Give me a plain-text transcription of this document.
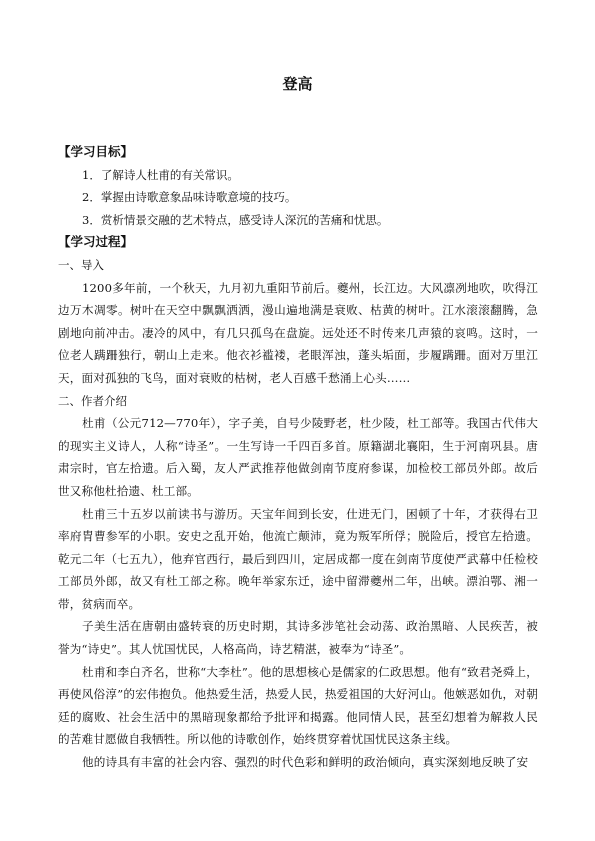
登高
【学习目标】
1．了解诗人杜甫的有关常识。
2．掌握由诗歌意象品味诗歌意境的技巧。
3．赏析情景交融的艺术特点，感受诗人深沉的苦痛和忧思。
【学习过程】
一、导入

1200多年前，一个秋天，九月初九重阳节前后。夔州，长江边。大风凛冽地吹，吹得江边万木凋零。树叶在天空中飘飘洒洒，漫山遍地满是衰败、枯黄的树叶。江水滚滚翻腾，急剧地向前冲击。凄冷的风中，有几只孤鸟在盘旋。远处还不时传来几声猿的哀鸣。这时，一位老人蹒跚独行，朝山上走来。他衣衫褴褛，老眼浑浊，蓬头垢面，步履蹒跚。面对万里江天，面对孤独的飞鸟，面对衰败的枯树，老人百感千愁涌上心头……

二、作者介绍

杜甫（公元712—770年），字子美，自号少陵野老，杜少陵，杜工部等。我国古代伟大的现实主义诗人，人称“诗圣”。一生写诗一千四百多首。原籍湖北襄阳，生于河南巩县。唐肃宗时，官左拾遗。后入蜀，友人严武推荐他做剑南节度府参谋，加检校工部员外郎。故后世又称他杜拾遗、杜工部。

杜甫三十五岁以前读书与游历。天宝年间到长安，仕进无门，困顿了十年，才获得右卫率府胄曹参军的小职。安史之乱开始，他流亡颠沛，竟为叛军所俘；脱险后，授官左拾遗。乾元二年（七五九），他弃官西行，最后到四川，定居成都一度在剑南节度使严武幕中任检校工部员外郎，故又有杜工部之称。晚年举家东迁，途中留滞夔州二年，出峡。漂泊鄂、湘一带，贫病而卒。

子美生活在唐朝由盛转衰的历史时期，其诗多涉笔社会动荡、政治黑暗、人民疾苦，被誉为“诗史”。其人忧国忧民，人格高尚，诗艺精湛，被奉为“诗圣”。

杜甫和李白齐名，世称“大李杜”。他的思想核心是儒家的仁政思想。他有“致君尧舜上，再使风俗淳”的宏伟抱负。他热爱生活，热爱人民，热爱祖国的大好河山。他嫉恶如仇，对朝廷的腐败、社会生活中的黑暗现象都给予批评和揭露。他同情人民，甚至幻想着为解救人民的苦难甘愿做自我牺牲。所以他的诗歌创作，始终贯穿着忧国忧民这条主线。

他的诗具有丰富的社会内容、强烈的时代色彩和鲜明的政治倾向，真实深刻地反映了安
